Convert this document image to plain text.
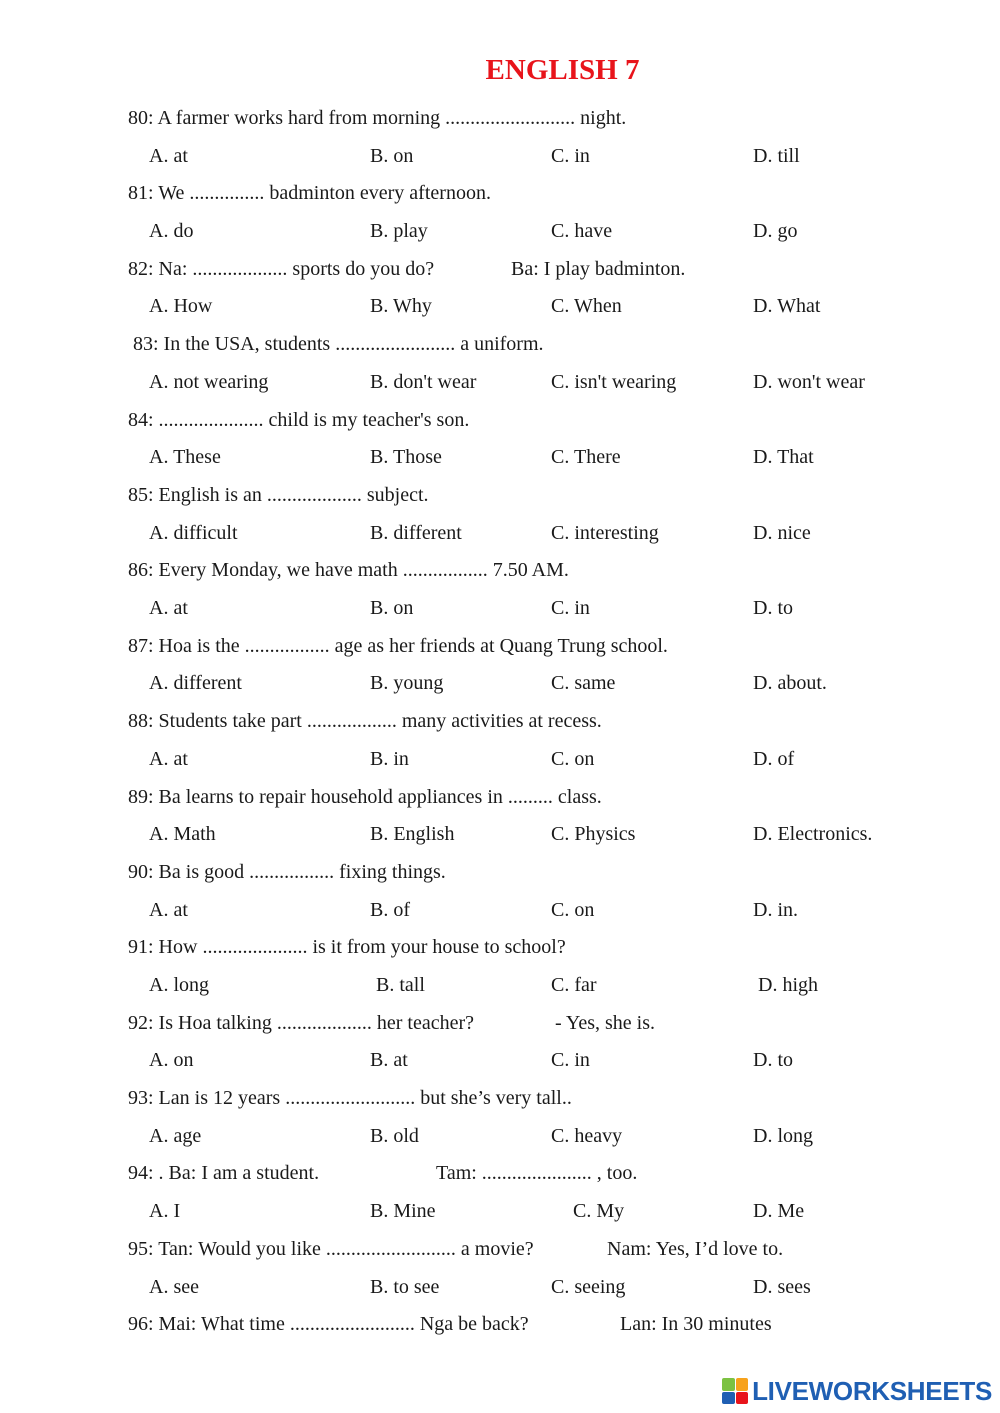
ENGLISH 7
80: A farmer works hard from morning .......................... night.
A. at	B. on	C. in	D. till
81: We ............... badminton every afternoon.
A. do	B. play	C. have	D. go
82: Na: ................... sports do you do?	Ba: I play badminton.
A. How	B. Why	C. When	D. What
83: In the USA, students ........................ a uniform.
A. not wearing	B. don't wear	C. isn't wearing	D. won't wear
84: ..................... child is my teacher's son.
A. These	B. Those	C. There	D. That
85: English is an ................... subject.
A. difficult	B. different	C. interesting	D. nice
86: Every Monday, we have math ................. 7.50 AM.
A. at	B. on	C. in	D. to
87: Hoa is the ................. age as her friends at Quang Trung school.
A. different	B. young	C. same	D. about.
88: Students take part .................. many activities at recess.
A. at	B. in	C. on	D. of
89: Ba learns to repair household appliances in ......... class.
A. Math	B. English	C. Physics	D. Electronics.
90: Ba is good ................. fixing things.
A. at	B. of	C. on	D. in.
91: How ..................... is it from your house to school?
A. long	B. tall	C. far	D. high
92: Is Hoa talking ................... her teacher?	- Yes, she is.
A. on	B. at	C. in	D. to
93: Lan is 12 years .......................... but she’s very tall..
A. age	B. old	C. heavy	D. long
94: . Ba: I am a student.	Tam: ...................... , too.
A. I	B. Mine	C. My	D. Me
95: Tan: Would you like .......................... a movie?	Nam: Yes, I’d love to.
A. see	B. to see	C. seeing	D. sees
96: Mai: What time ......................... Nga be back?	Lan: In 30 minutes
LIVEWORKSHEETS
